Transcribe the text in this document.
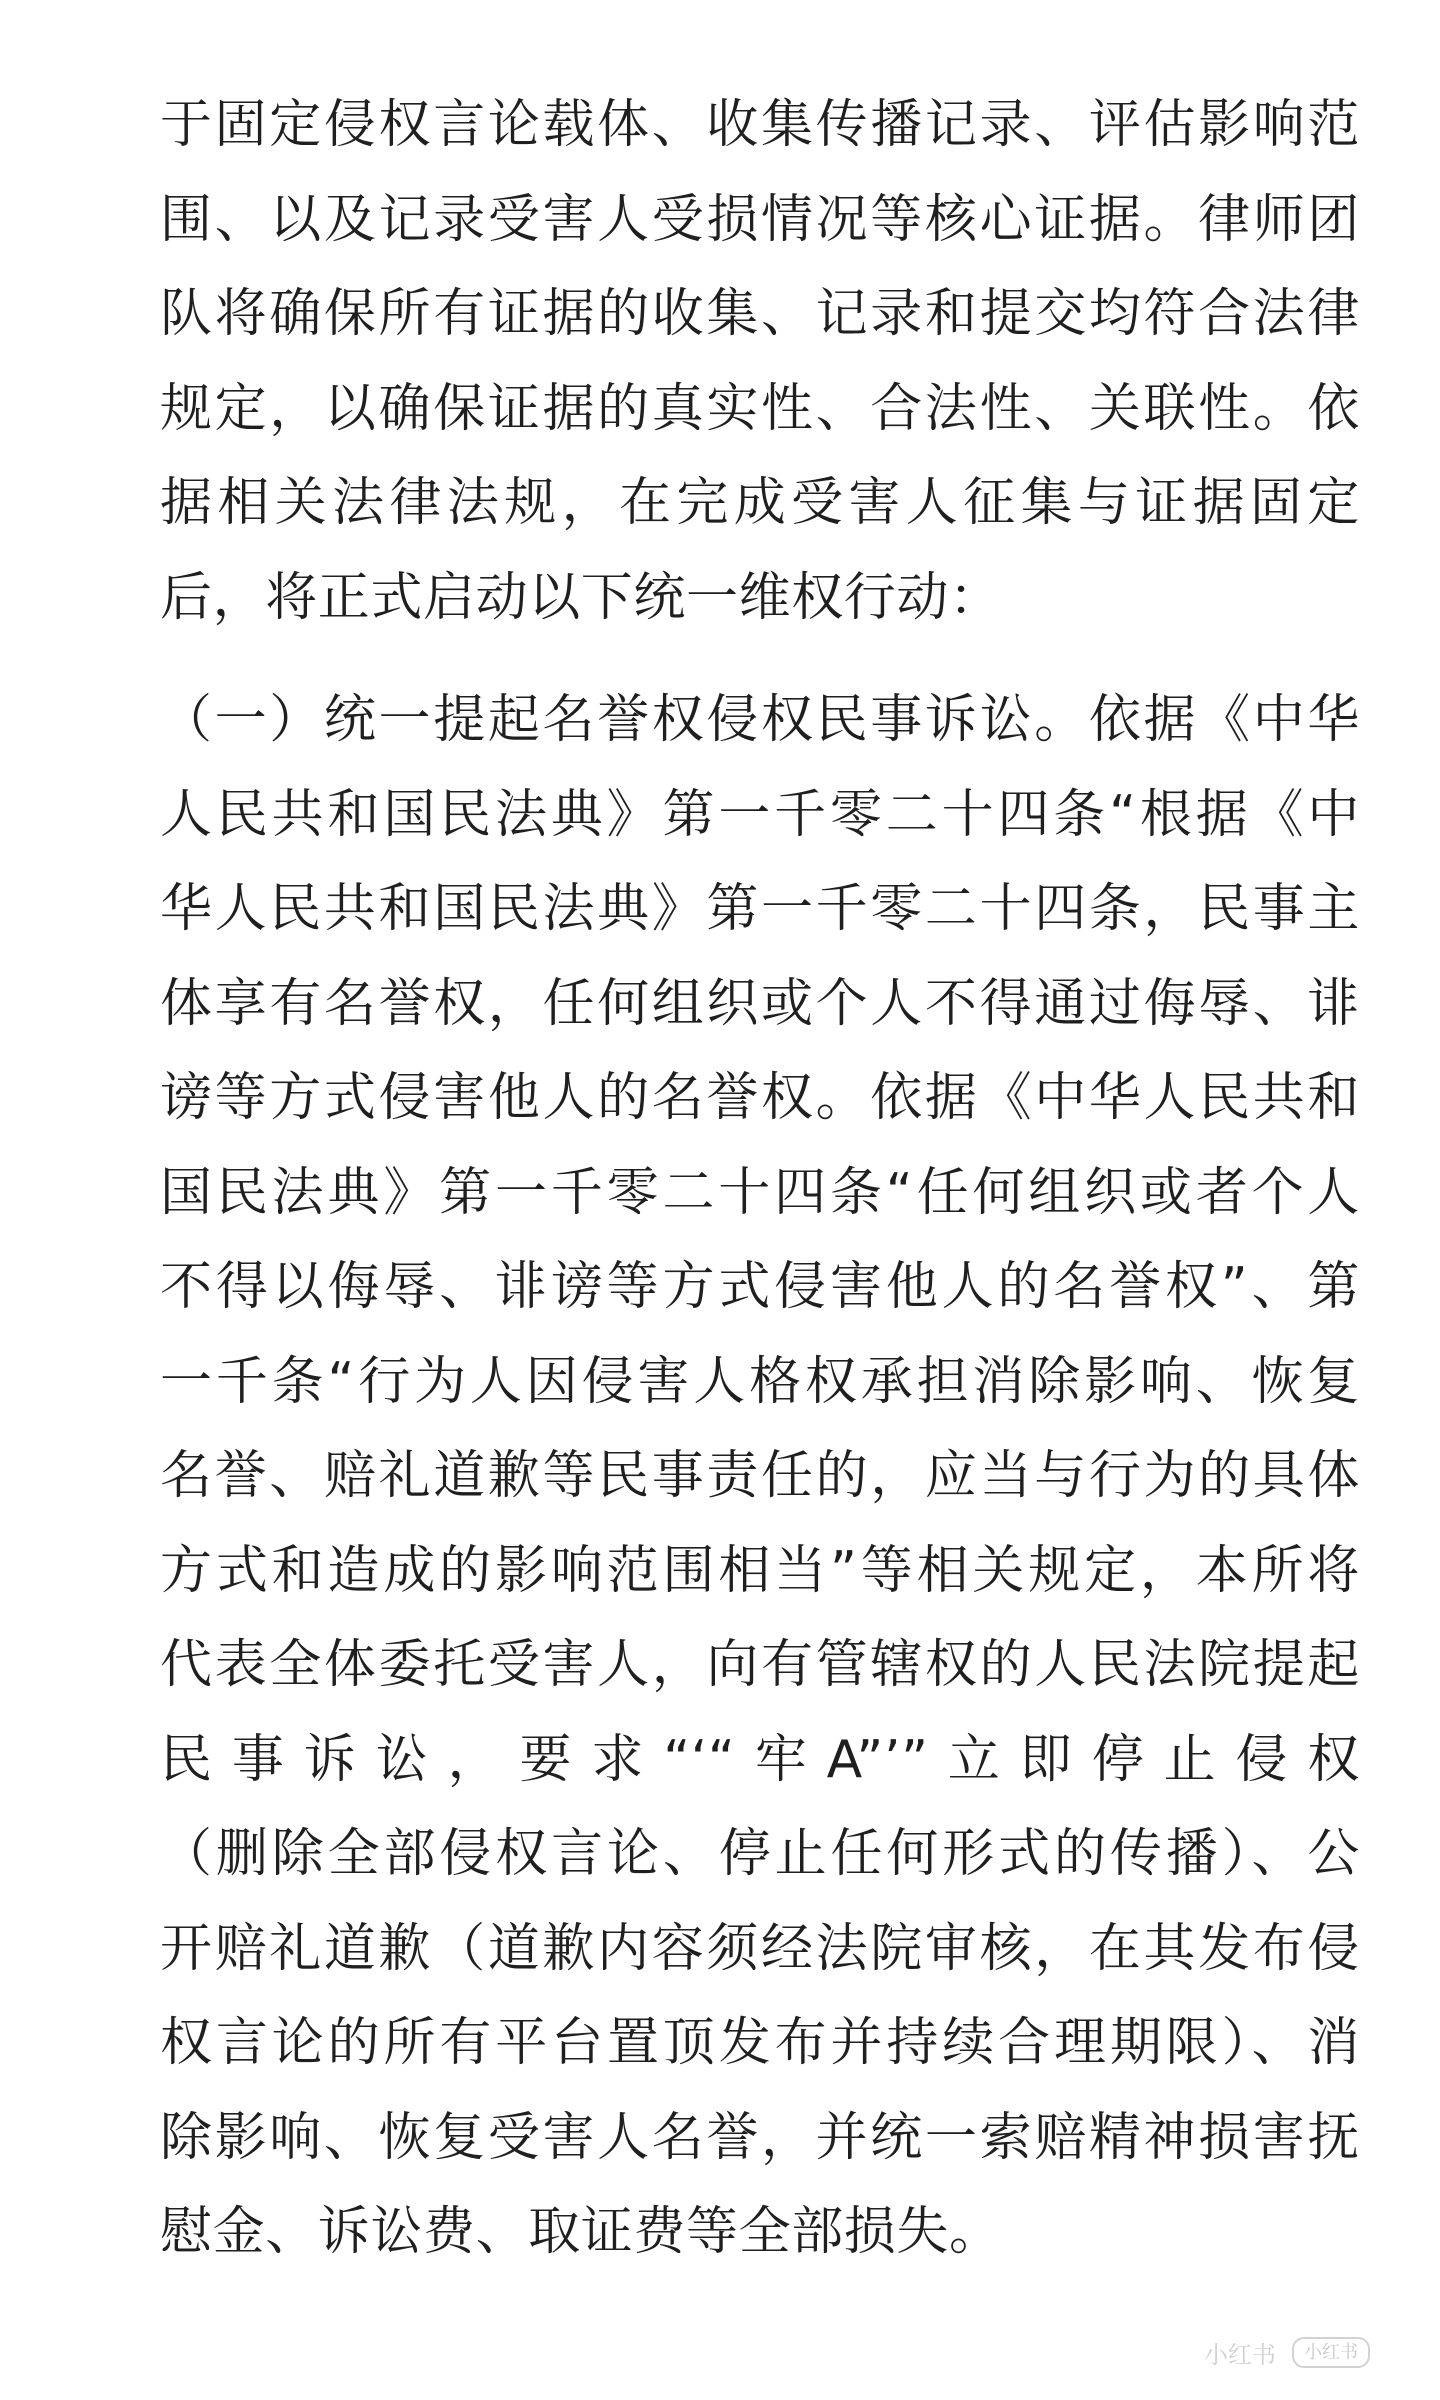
于固定侵权言论载体、收集传播记录、评估影响范
围、以及记录受害人受损情况等核心证据。律师团
队将确保所有证据的收集、记录和提交均符合法律
规定，以确保证据的真实性、合法性、关联性。依
据相关法律法规，在完成受害人征集与证据固定
后，将正式启动以下统一维权行动：

（一）统一提起名誉权侵权民事诉讼。依据《中华
人民共和国民法典》第一千零二十四条“根据《中
华人民共和国民法典》第一千零二十四条，民事主
体享有名誉权，任何组织或个人不得通过侮辱、诽
谤等方式侵害他人的名誉权。依据《中华人民共和
国民法典》第一千零二十四条“任何组织或者个人
不得以侮辱、诽谤等方式侵害他人的名誉权”、第
一千条“行为人因侵害人格权承担消除影响、恢复
名誉、赔礼道歉等民事责任的，应当与行为的具体
方式和造成的影响范围相当”等相关规定，本所将
代表全体委托受害人，向有管辖权的人民法院提起
民事诉讼，要求“‘“牢A”’”立即停止侵权
（删除全部侵权言论、停止任何形式的传播）、公
开赔礼道歉（道歉内容须经法院审核，在其发布侵
权言论的所有平台置顶发布并持续合理期限）、消
除影响、恢复受害人名誉，并统一索赔精神损害抚
慰金、诉讼费、取证费等全部损失。

小红书	小红书
